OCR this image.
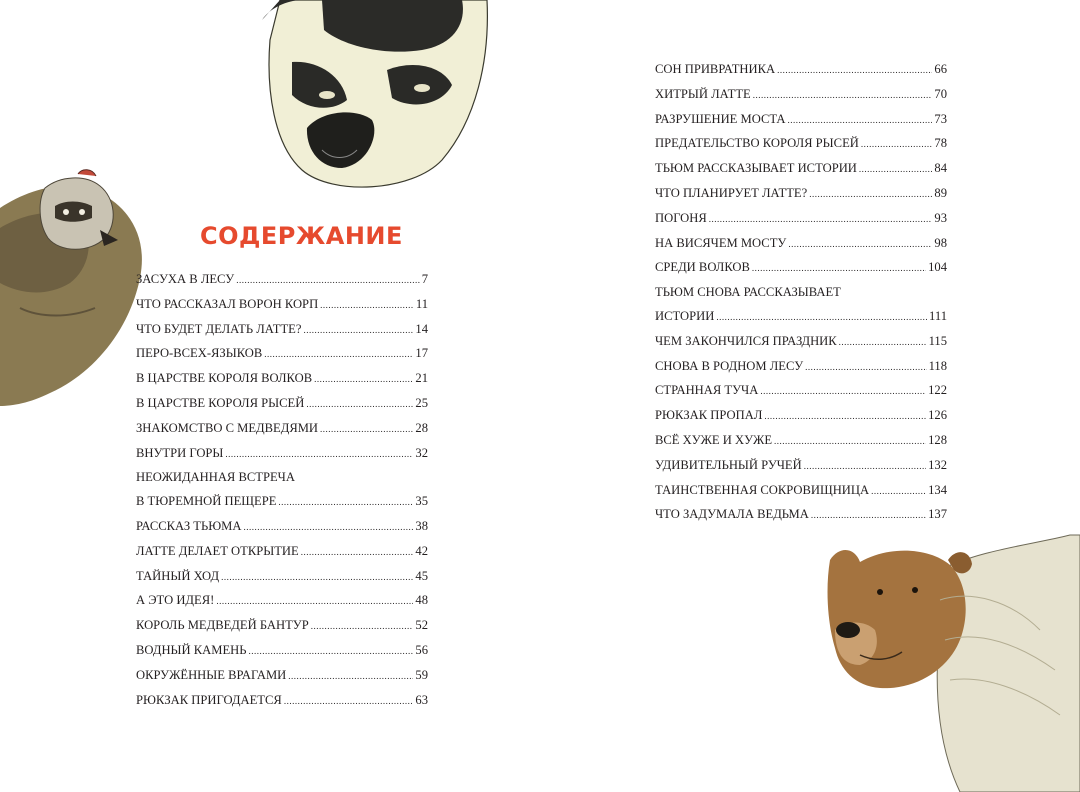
СОДЕРЖАНИЕ
ЗАСУХА В ЛЕСУ .....	7
ЧТО РАССКАЗАЛ ВОРОН КОРП .....	11
ЧТО БУДЕТ ДЕЛАТЬ ЛАТТЕ? .....	14
ПЕРО-ВСЕХ-ЯЗЫКОВ .....	17
В ЦАРСТВЕ КОРОЛЯ ВОЛКОВ .....	21
В ЦАРСТВЕ КОРОЛЯ РЫСЕЙ .....	25
ЗНАКОМСТВО С МЕДВЕДЯМИ .....	28
ВНУТРИ ГОРЫ .....	32
НЕОЖИДАННАЯ ВСТРЕЧА
В ТЮРЕМНОЙ ПЕЩЕРЕ .....	35
РАССКАЗ ТЬЮМА .....	38
ЛАТТЕ ДЕЛАЕТ ОТКРЫТИЕ .....	42
ТАЙНЫЙ ХОД .....	45
А ЭТО ИДЕЯ! .....	48
КОРОЛЬ МЕДВЕДЕЙ БАНТУР .....	52
ВОДНЫЙ КАМЕНЬ .....	56
ОКРУЖЁННЫЕ ВРАГАМИ .....	59
РЮКЗАК ПРИГОДАЕТСЯ .....	63
СОН ПРИВРАТНИКА .....	66
ХИТРЫЙ ЛАТТЕ .....	70
РАЗРУШЕНИЕ МОСТА .....	73
ПРЕДАТЕЛЬСТВО КОРОЛЯ РЫСЕЙ .....	78
ТЬЮМ РАССКАЗЫВАЕТ ИСТОРИИ .....	84
ЧТО ПЛАНИРУЕТ ЛАТТЕ? .....	89
ПОГОНЯ .....	93
НА ВИСЯЧЕМ МОСТУ .....	98
СРЕДИ ВОЛКОВ .....	104
ТЬЮМ СНОВА РАССКАЗЫВАЕТ
ИСТОРИИ .....	111
ЧЕМ ЗАКОНЧИЛСЯ ПРАЗДНИК .....	115
СНОВА В РОДНОМ ЛЕСУ .....	118
СТРАННАЯ ТУЧА .....	122
РЮКЗАК ПРОПАЛ .....	126
ВСЁ ХУЖЕ И ХУЖЕ .....	128
УДИВИТЕЛЬНЫЙ РУЧЕЙ .....	132
ТАИНСТВЕННАЯ СОКРОВИЩНИЦА .....	134
ЧТО ЗАДУМАЛА ВЕДЬМА .....	137
